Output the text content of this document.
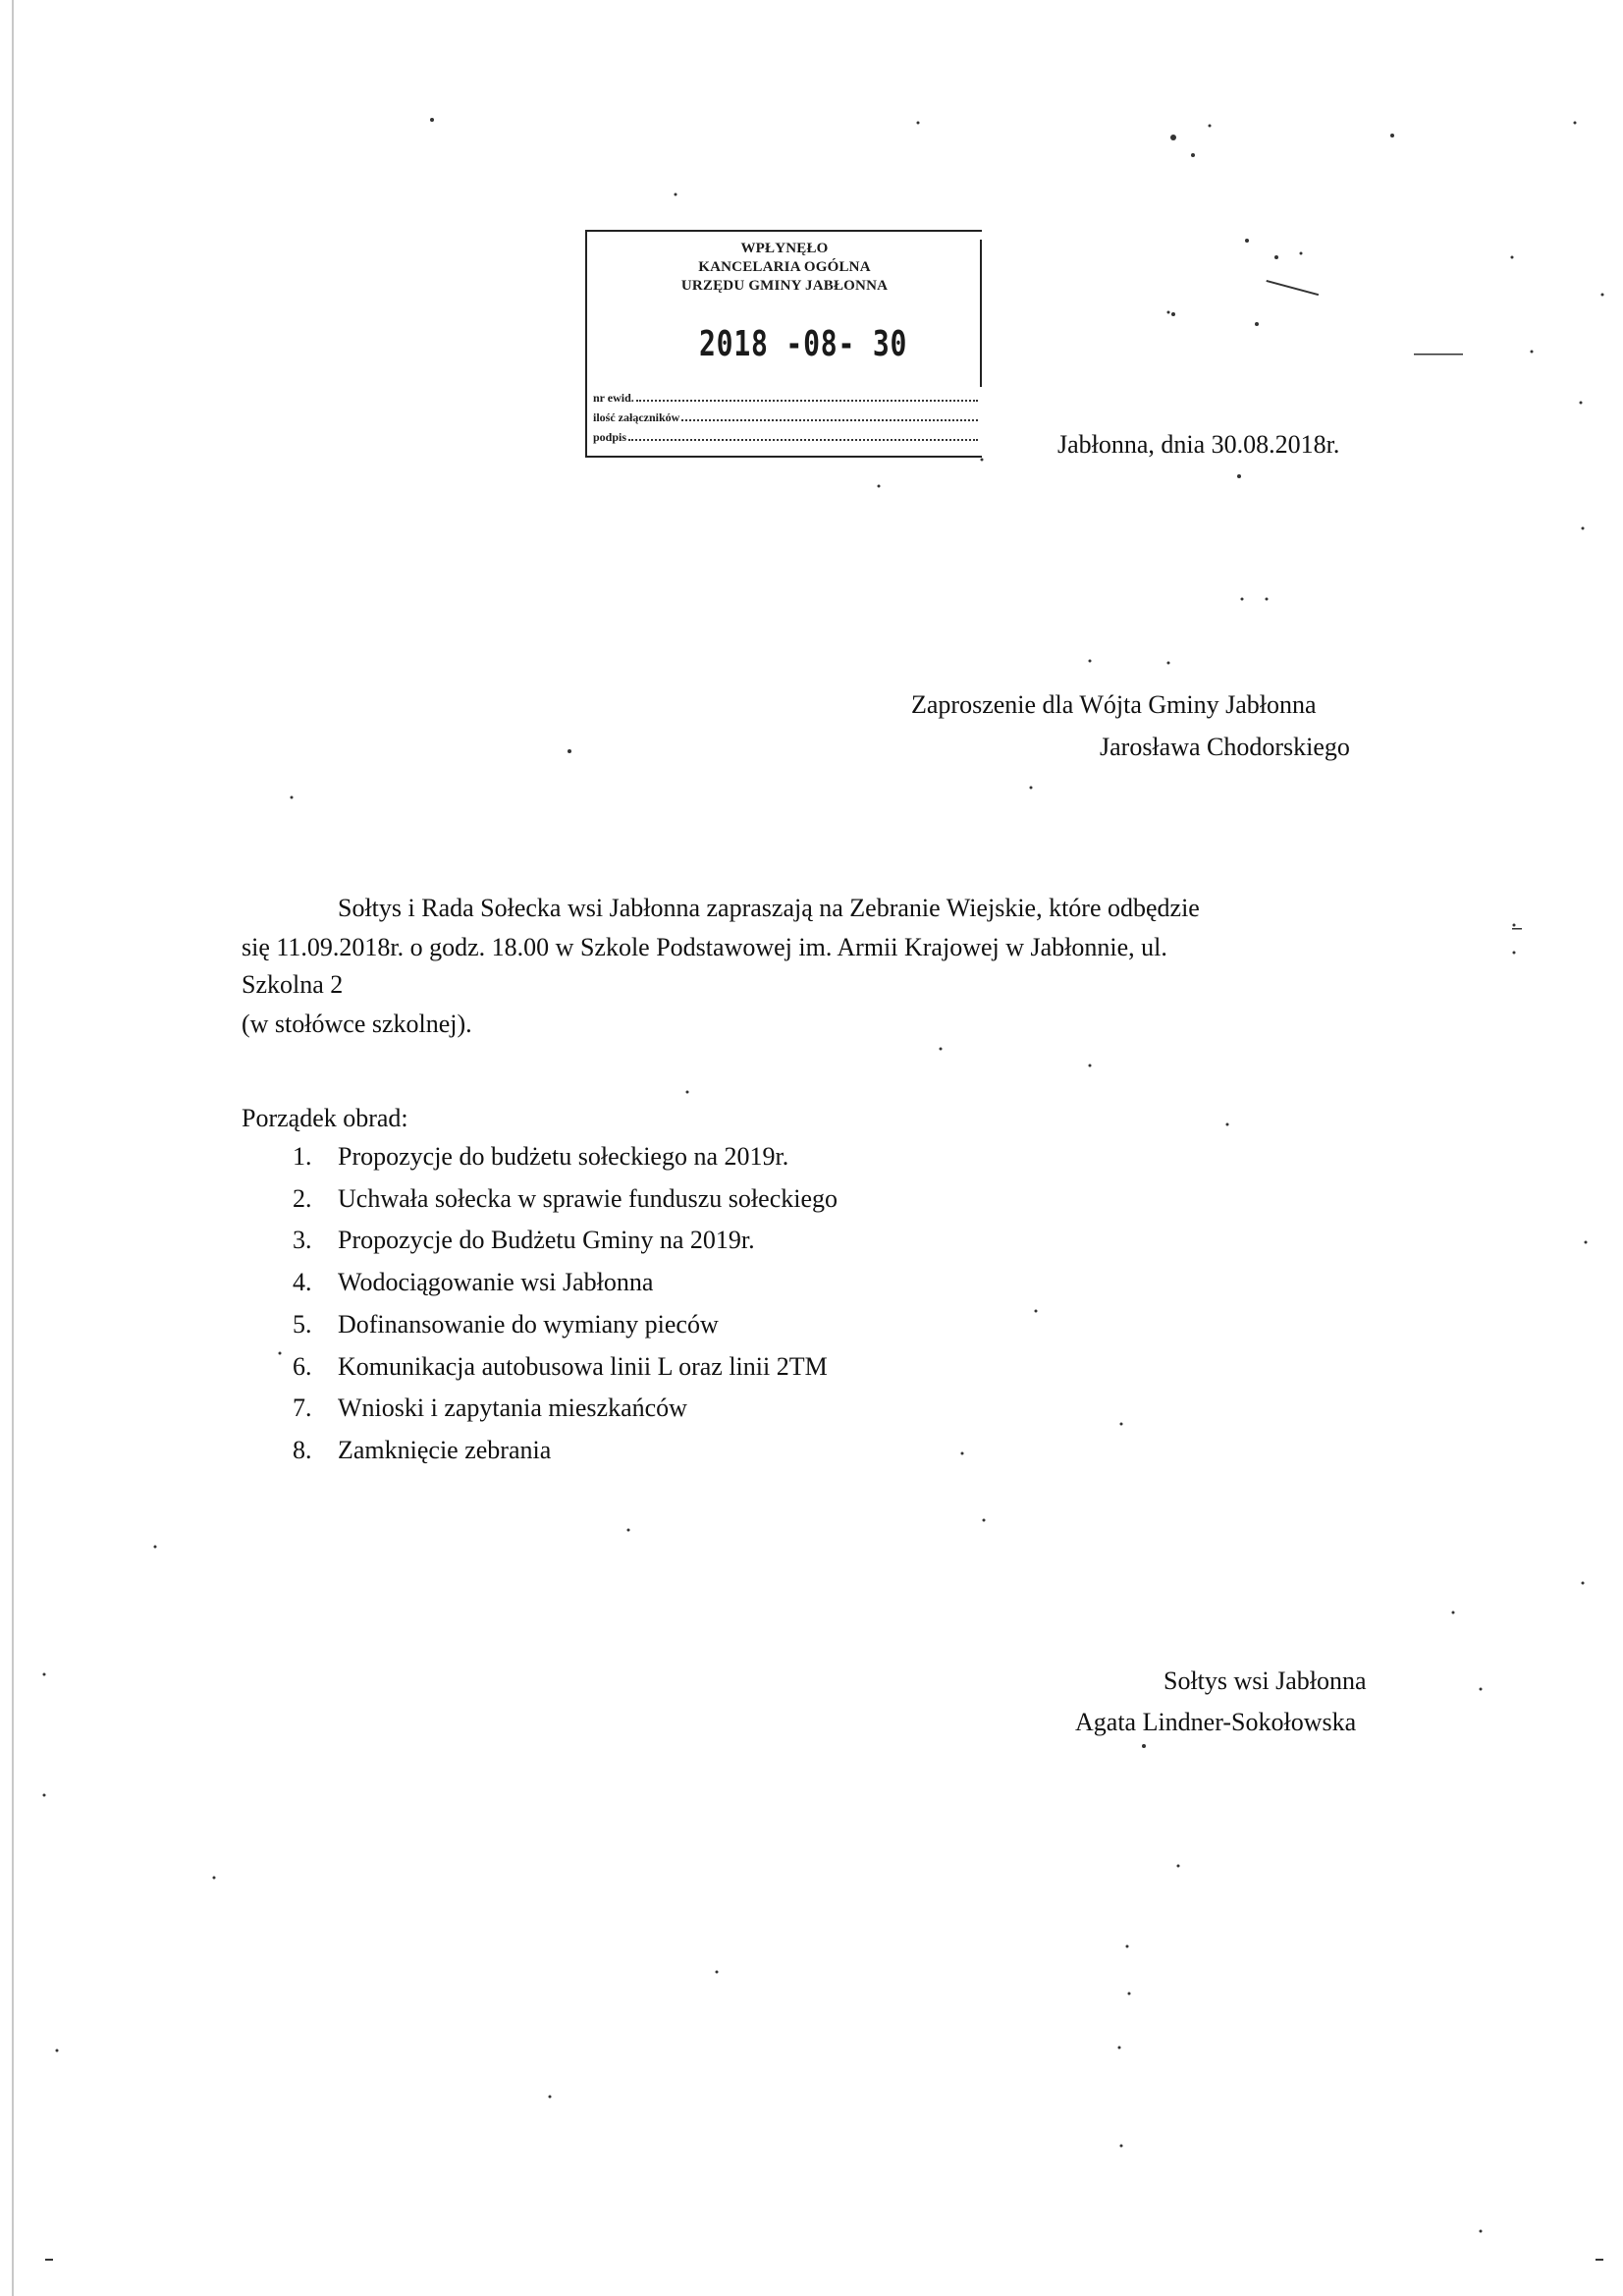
WPŁYNĘŁO
KANCELARIA OGÓLNA
URZĘDU GMINY JABŁONNA
2018 -08- 30
nr ewid.
ilość załączników
podpis	Jabłonna, dnia 30.08.2018r.
Zaproszenie dla Wójta Gminy Jabłonna
Jarosława Chodorskiego
Sołtys i Rada Sołecka wsi Jabłonna zapraszają na Zebranie Wiejskie, które odbędzie
się 11.09.2018r. o godz. 18.00 w Szkole Podstawowej im. Armii Krajowej w Jabłonnie, ul.
Szkolna 2
(w stołówce szkolnej).
Porządek obrad:
1. Propozycje do budżetu sołeckiego na 2019r.
2. Uchwała sołecka w sprawie funduszu sołeckiego
3. Propozycje do Budżetu Gminy na 2019r.
4. Wodociągowanie wsi Jabłonna
5. Dofinansowanie do wymiany pieców
6. Komunikacja autobusowa linii L oraz linii 2TM
7. Wnioski i zapytania mieszkańców
8. Zamknięcie zebrania
Sołtys wsi Jabłonna
Agata Lindner-Sokołowska
